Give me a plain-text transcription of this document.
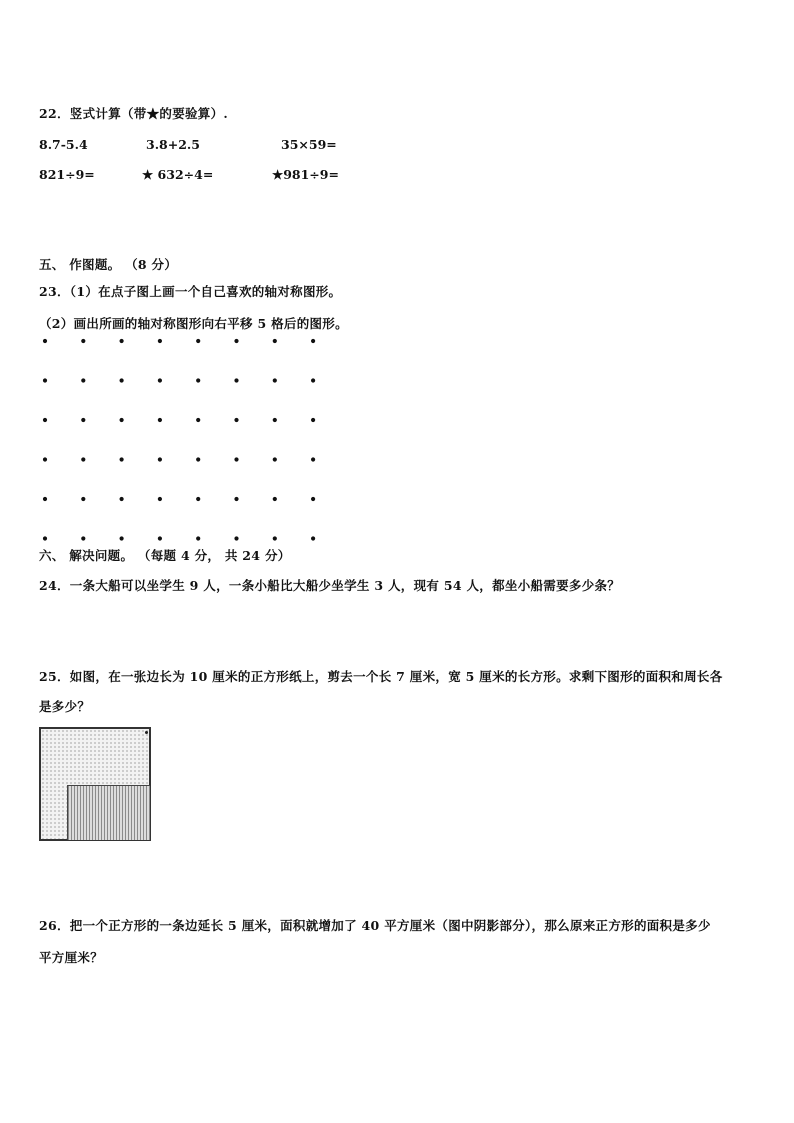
22．竖式计算（带★的要验算）.
8.7-5.4	3.8+2.5	35×59=
821÷9=	★ 632÷4=	★981÷9=
五、 作图题。 （8 分）
23．（1）在点子图上画一个自己喜欢的轴对称图形。
（2）画出所画的轴对称图形向右平移 5 格后的图形。
六、 解决问题。 （每题 4 分， 共 24 分）
24．一条大船可以坐学生 9 人，一条小船比大船少坐学生 3 人，现有 54 人，都坐小船需要多少条？
25．如图，在一张边长为 10 厘米的正方形纸上，剪去一个长 7 厘米，宽 5 厘米的长方形。求剩下图形的面积和周长各
是多少？
26．把一个正方形的一条边延长 5 厘米，面积就增加了 40 平方厘米（图中阴影部分），那么原来正方形的面积是多少
平方厘米？
